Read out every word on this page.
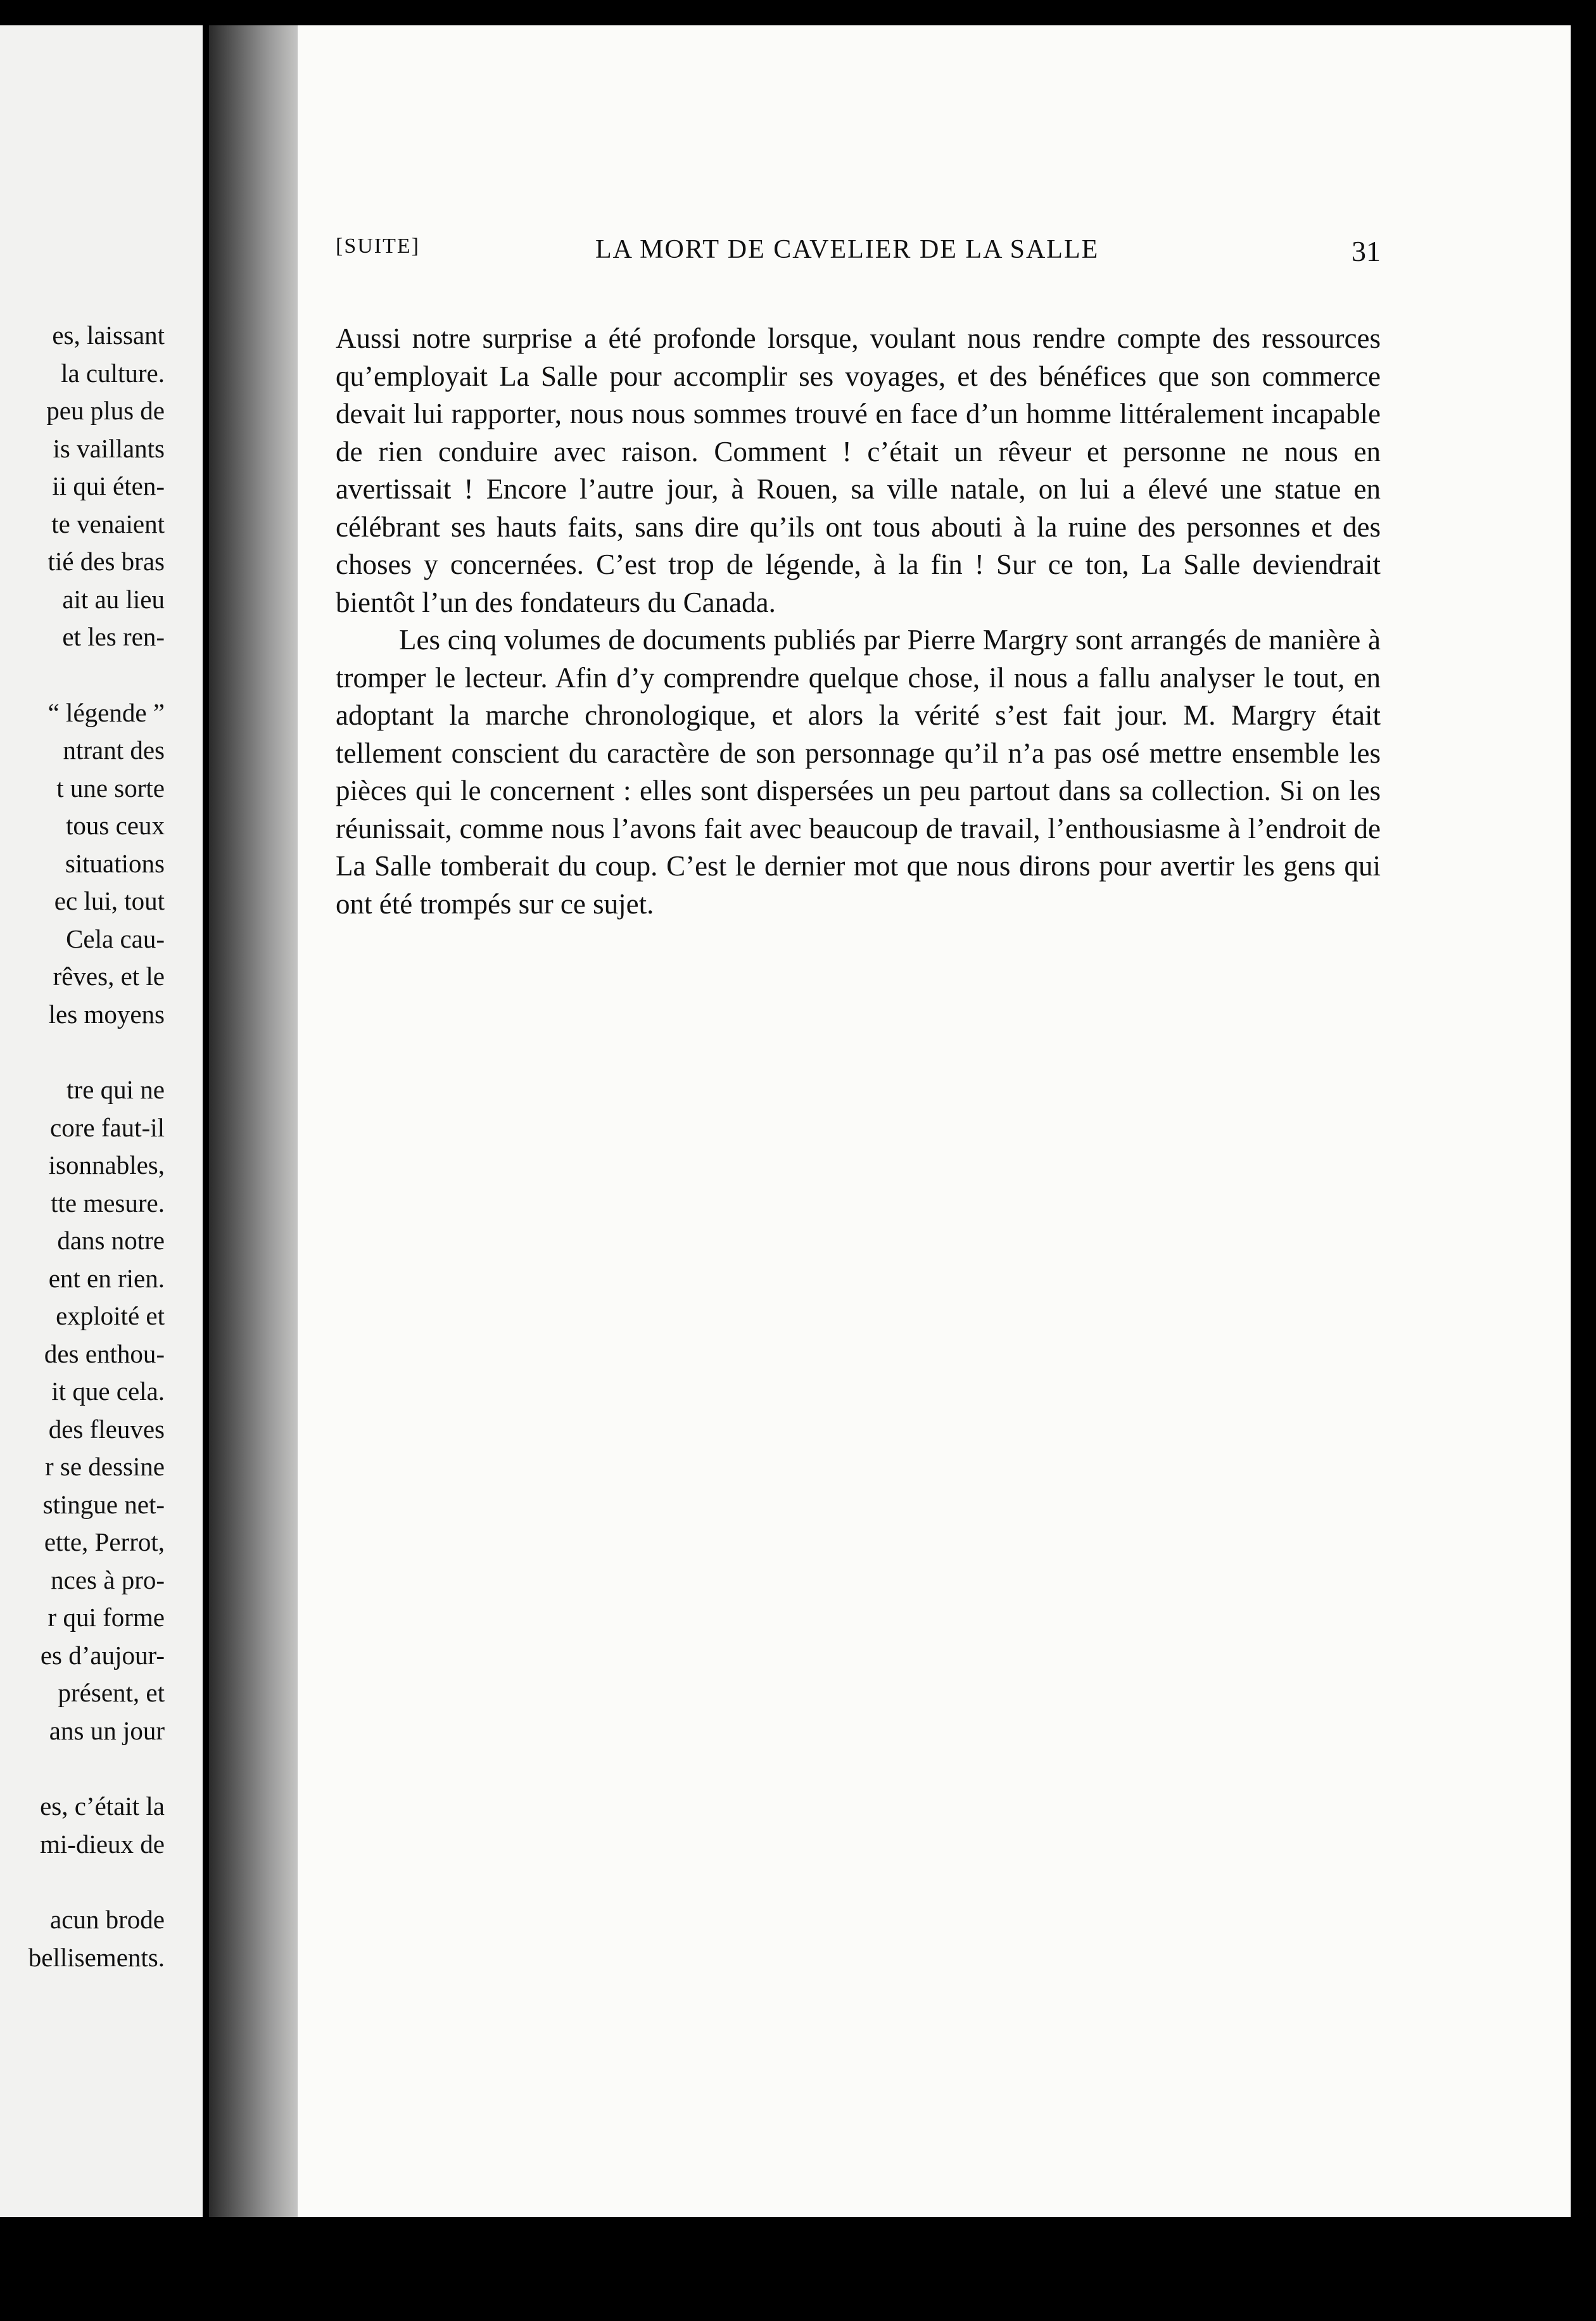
es, laissant
la culture.
peu plus de
is vaillants
ii qui éten-
te venaient
tié des bras
ait au lieu
et les ren-
“ légende ”
ntrant des
t une sorte
tous ceux
situations
ec lui, tout
Cela cau-
rêves, et le
les moyens
tre qui ne
core faut-il
isonnables,
tte mesure.
dans notre
ent en rien.
exploité et
des enthou-
it que cela.
des fleuves
r se dessine
stingue net-
ette, Perrot,
nces à pro-
r qui forme
es d’aujour-
présent, et
ans un jour
es, c’était la
mi-dieux de
acun brode
bellisements.
[SUITE]	LA MORT DE CAVELIER DE LA SALLE	31

Aussi notre surprise a été profonde lorsque, voulant nous rendre compte des ressources qu’employait La Salle pour accomplir ses voyages, et des bénéfices que son commerce devait lui rapporter, nous nous sommes trouvé en face d’un homme littéralement incapable de rien conduire avec raison. Comment ! c’était un rêveur et personne ne nous en avertissait ! Encore l’autre jour, à Rouen, sa ville natale, on lui a élevé une statue en célébrant ses hauts faits, sans dire qu’ils ont tous abouti à la ruine des personnes et des choses y concernées. C’est trop de légende, à la fin ! Sur ce ton, La Salle deviendrait bientôt l’un des fondateurs du Canada.

Les cinq volumes de documents publiés par Pierre Margry sont arrangés de manière à tromper le lecteur. Afin d’y comprendre quelque chose, il nous a fallu analyser le tout, en adoptant la marche chronologique, et alors la vérité s’est fait jour. M. Margry était tellement conscient du caractère de son personnage qu’il n’a pas osé mettre ensemble les pièces qui le concernent : elles sont dispersées un peu partout dans sa collection. Si on les réunissait, comme nous l’avons fait avec beaucoup de travail, l’enthousiasme à l’endroit de La Salle tomberait du coup. C’est le dernier mot que nous dirons pour avertir les gens qui ont été trompés sur ce sujet.
